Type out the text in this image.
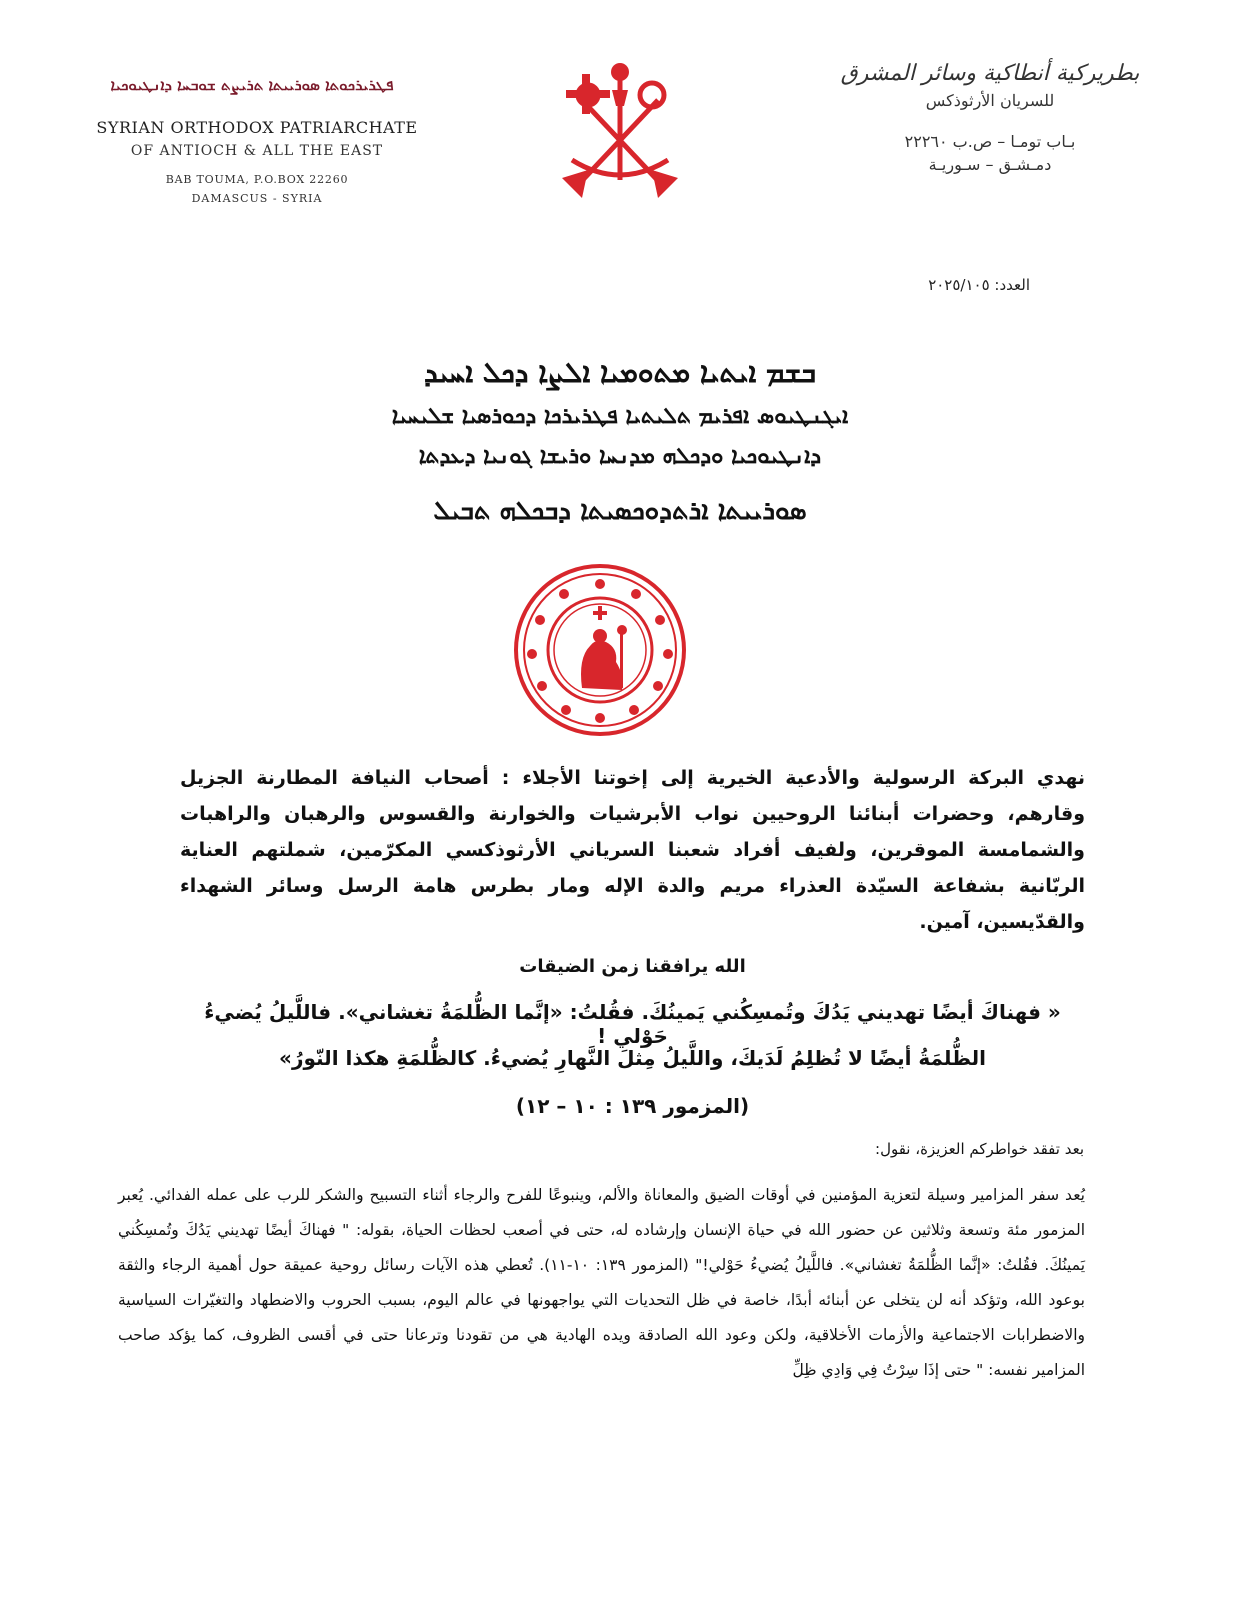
ܦܛܪܝܪܟܘܬܐ ܣܘܪܝܝܬܐ ܬܪܝܨܬ ܫܘܒܚܐ ܕܐܢܛܝܘܟܝܐ
SYRIAN ORTHODOX PATRIARCHATE
OF ANTIOCH & ALL THE EAST
BAB TOUMA, P.O.BOX 22260
DAMASCUS - SYRIA
بطريركية أنطاكية وسائر المشرق
للسريان الأرثوذكس
بـاب تومـا – ص.ب ٢٢٢٦٠
دمـشـق – سـوريـة
العدد: ٢٠٢٥/١٠٥
ܒܫܡ ܐܝܬܝܐ ܡܬܘܡܝܐ ܐܠܨܐ ܕܟܠ ܐܚܝܕ
ܐܝܓܢܛܝܘܣ ܐܦܪܝܡ ܬܠܝܬܝܐ ܦܛܪܝܪܟܐ ܕܟܘܪܣܝܐ ܫܠܝܚܝܐ
ܕܐܢܛܝܘܟܝܐ ܘܕܟܠܗ ܡܕܢܚܐ ܘܪܝܫܐ ܓܘܢܝܐ ܕܥܕܬܐ
ܣܘܪܝܝܬܐ ܐܪܬܕܘܟܣܝܬܐ ܕܒܟܠܗ ܬܒܝܠ
نهدي البركة الرسولية والأدعية الخيرية إلى إخوتنا الأجلاء : أصحاب النيافة المطارنة الجزيل وقارهم، وحضرات أبنائنا الروحيين نواب الأبرشيات والخوارنة والقسوس والرهبان والراهبات والشمامسة الموقرين، ولفيف أفراد شعبنا السرياني الأرثوذكسي المكرّمين، شملتهم العناية الربّانية بشفاعة السيّدة العذراء مريم والدة الإله ومار بطرس هامة الرسل وسائر الشهداء والقدّيسين، آمين.
الله يرافقنا زمن الضيقات
« فهناكَ أيضًا تهديني يَدُكَ وتُمسِكُني يَمينُكَ. فقُلتُ: «إنَّما الظُّلمَةُ تغشاني». فاللَّيلُ يُضيءُ حَوْلي !
الظُّلمَةُ أيضًا لا تُظلِمُ لَدَيكَ، واللَّيلُ مِثلَ النَّهارِ يُضيءُ. كالظُّلمَةِ هكذا النّورُ»
(المزمور ١٣٩ : ١٠ – ١٢)
بعد تفقد خواطركم العزيزة، نقول:
يُعد سفر المزامير وسيلة لتعزية المؤمنين في أوقات الضيق والمعاناة والألم، وينبوعًا للفرح والرجاء أثناء التسبيح والشكر للرب على عمله الفدائي. يُعبر المزمور مئة وتسعة وثلاثين عن حضور الله في حياة الإنسان وإرشاده له، حتى في أصعب لحظات الحياة، بقوله: " فهناكَ أيضًا تهديني يَدُكَ وتُمسِكُني يَمينُكَ. فقُلتُ: «إنَّما الظُّلمَةُ تغشاني». فاللَّيلُ يُضيءُ حَوْلي!" (المزمور ١٣٩: ١٠-١١). تُعطي هذه الآيات رسائل روحية عميقة حول أهمية الرجاء والثقة بوعود الله، وتؤكد أنه لن يتخلى عن أبنائه أبدًا، خاصة في ظل التحديات التي يواجهونها في عالم اليوم، بسبب الحروب والاضطهاد والتغيّرات السياسية والاضطرابات الاجتماعية والأزمات الأخلاقية، ولكن وعود الله الصادقة ويده الهادية هي من تقودنا وترعانا حتى في أقسى الظروف، كما يؤكد صاحب المزامير نفسه: " حتى إذَا سِرْتُ فِي وَادِي ظِلِّ
